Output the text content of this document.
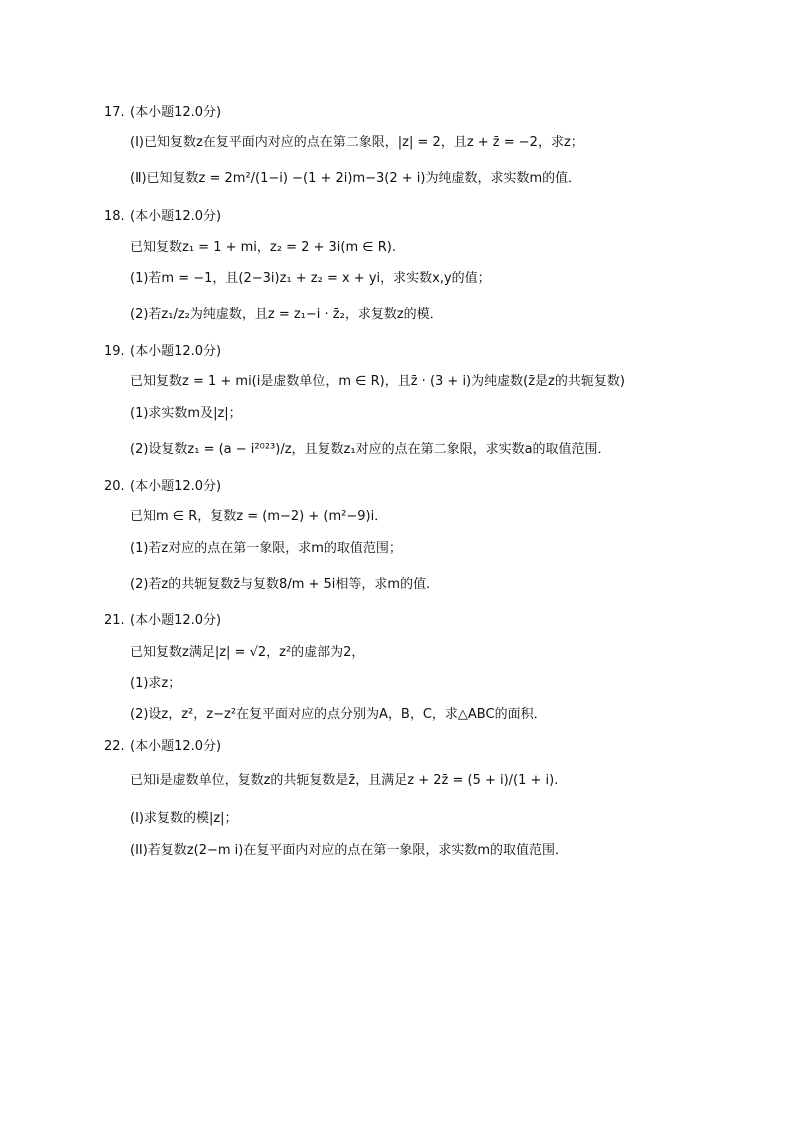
17. (本小题12.0分)
(Ⅰ)已知复数z在复平面内对应的点在第二象限，|z| = 2，且z + z̄ = −2，求z；
(Ⅱ)已知复数z = 2m²/(1−i) −(1 + 2i)m−3(2 + i)为纯虚数，求实数m的值．
18. (本小题12.0分)
已知复数z₁ = 1 + mi，z₂ = 2 + 3i(m ∈ R).
(1)若m = −1，且(2−3i)z₁ + z₂ = x + yi，求实数x,y的值；
(2)若z₁/z₂为纯虚数，且z = z₁−i · z̄₂，求复数z的模．
19. (本小题12.0分)
已知复数z = 1 + mi(i是虚数单位，m ∈ R)，且z̄ · (3 + i)为纯虚数(z̄是z的共轭复数)
(1)求实数m及|z|；
(2)设复数z₁ = (a − i²⁰²³)/z，且复数z₁对应的点在第二象限，求实数a的取值范围．
20. (本小题12.0分)
已知m ∈ R，复数z = (m−2) + (m²−9)i．
(1)若z对应的点在第一象限，求m的取值范围；
(2)若z的共轭复数z̄与复数8/m + 5i相等，求m的值.
21. (本小题12.0分)
已知复数z满足|z| = √2，z²的虚部为2，
(1)求z；
(2)设z，z²，z−z²在复平面对应的点分别为A，B，C，求△ABC的面积．
22. (本小题12.0分)
已知i是虚数单位，复数z的共轭复数是z̄，且满足z + 2z̄ = (5 + i)/(1 + i).
(I)求复数的模|z|；
(II)若复数z(2−m i)在复平面内对应的点在第一象限，求实数m的取值范围．
